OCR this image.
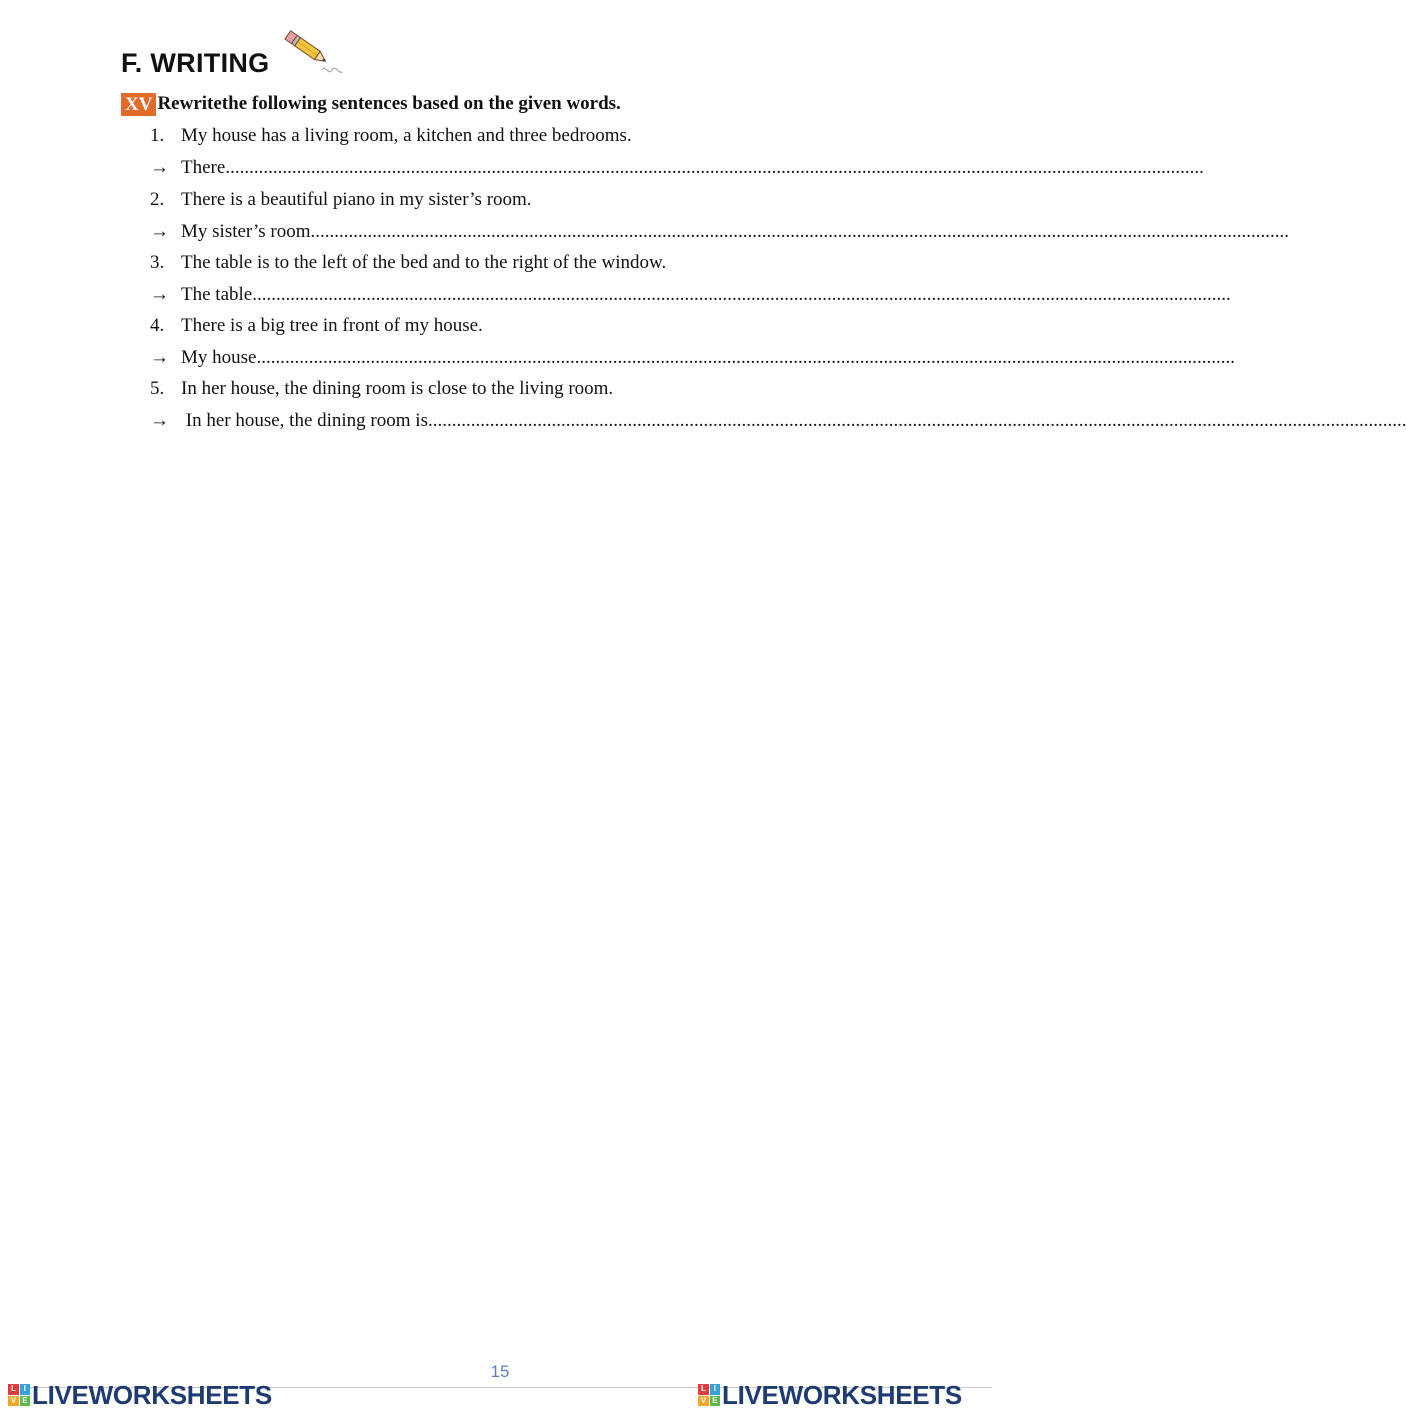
F. WRITING
XV Rewritethe following sentences based on the given words.
1. My house has a living room, a kitchen and three bedrooms.
→ There ..............................................................................................................................................................................................................
2. There is a beautiful piano in my sister’s room.
→ My sister’s room ..............................................................................................................................................................................................................
3. The table is to the left of the bed and to the right of the window.
→ The table ..............................................................................................................................................................................................................
4. There is a big tree in front of my house.
→ My house ..............................................................................................................................................................................................................
5. In her house, the dining room is close to the living room.
→ In her house, the dining room is ..............................................................................................................................................................................................................
15
L	I
V E LIVEWORKSHEETS	L	I
V E LIVEWORKSHEETS
